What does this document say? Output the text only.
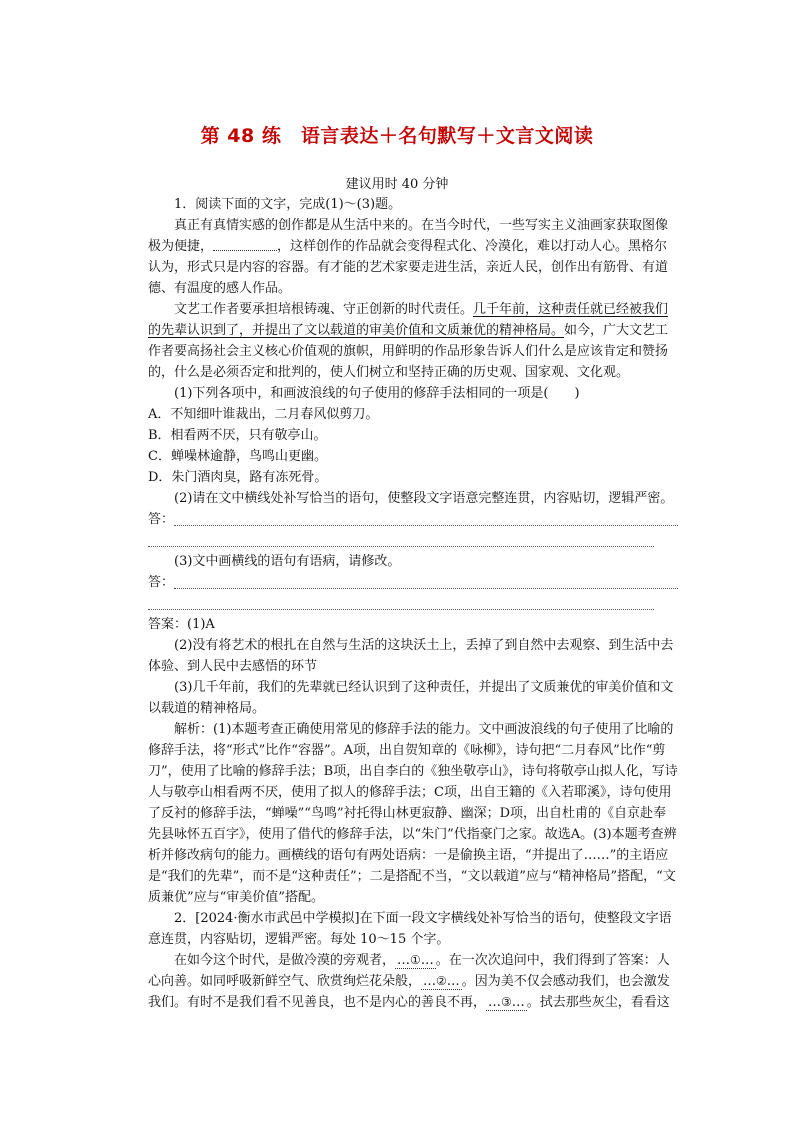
第 48 练　语言表达＋名句默写＋文言文阅读
建议用时 40 分钟

1．阅读下面的文字，完成(1)～(3)题。

真正有真情实感的创作都是从生活中来的。在当今时代，一些写实主义油画家获取图像极为便捷，	，这样创作的作品就会变得程式化、冷漠化，难以打动人心。黑格尔认为，形式只是内容的容器。有才能的艺术家要走进生活，亲近人民，创作出有筋骨、有道德、有温度的感人作品。

文艺工作者要承担培根铸魂、守正创新的时代责任。几千年前，这种责任就已经被我们的先辈认识到了，并提出了文以载道的审美价值和文质兼优的精神格局。如今，广大文艺工作者要高扬社会主义核心价值观的旗帜，用鲜明的作品形象告诉人们什么是应该肯定和赞扬的，什么是必须否定和批判的，使人们树立和坚持正确的历史观、国家观、文化观。

(1)下列各项中，和画波浪线的句子使用的修辞手法相同的一项是(　　)

A．不知细叶谁裁出，二月春风似剪刀。

B．相看两不厌，只有敬亭山。

C．蝉噪林逾静，鸟鸣山更幽。

D．朱门酒肉臭，路有冻死骨。

(2)请在文中横线处补写恰当的语句，使整段文字语意完整连贯，内容贴切，逻辑严密。

答：

(3)文中画横线的语句有语病，请修改。

答：

答案：(1)A

(2)没有将艺术的根扎在自然与生活的这块沃土上，丢掉了到自然中去观察、到生活中去体验、到人民中去感悟的环节

(3)几千年前，我们的先辈就已经认识到了这种责任，并提出了文质兼优的审美价值和文以载道的精神格局。

解析：(1)本题考查正确使用常见的修辞手法的能力。文中画波浪线的句子使用了比喻的修辞手法，将“形式”比作“容器”。A项，出自贺知章的《咏柳》，诗句把“二月春风”比作“剪刀”，使用了比喻的修辞手法；B项，出自李白的《独坐敬亭山》，诗句将敬亭山拟人化，写诗人与敬亭山相看两不厌，使用了拟人的修辞手法；C项，出自王籍的《入若耶溪》，诗句使用了反衬的修辞手法，“蝉噪”“鸟鸣”衬托得山林更寂静、幽深；D项，出自杜甫的《自京赴奉先县咏怀五百字》，使用了借代的修辞手法，以“朱门”代指豪门之家。故选A。(3)本题考查辨析并修改病句的能力。画横线的语句有两处语病：一是偷换主语，“并提出了……”的主语应是“我们的先辈”，而不是“这种责任”；二是搭配不当，“文以载道”应与“精神格局”搭配，“文质兼优”应与“审美价值”搭配。

2．[2024·衡水市武邑中学模拟]在下面一段文字横线处补写恰当的语句，使整段文字语意连贯，内容贴切，逻辑严密。每处 10～15 个字。

在如今这个时代，是做冷漠的旁观者， …①… 。在一次次追问中，我们得到了答案：人心向善。如同呼吸新鲜空气、欣赏绚烂花朵般， …②… 。因为美不仅会感动我们，也会激发我们。有时不是我们看不见善良，也不是内心的善良不再， …③… 。拭去那些灰尘，看看这
